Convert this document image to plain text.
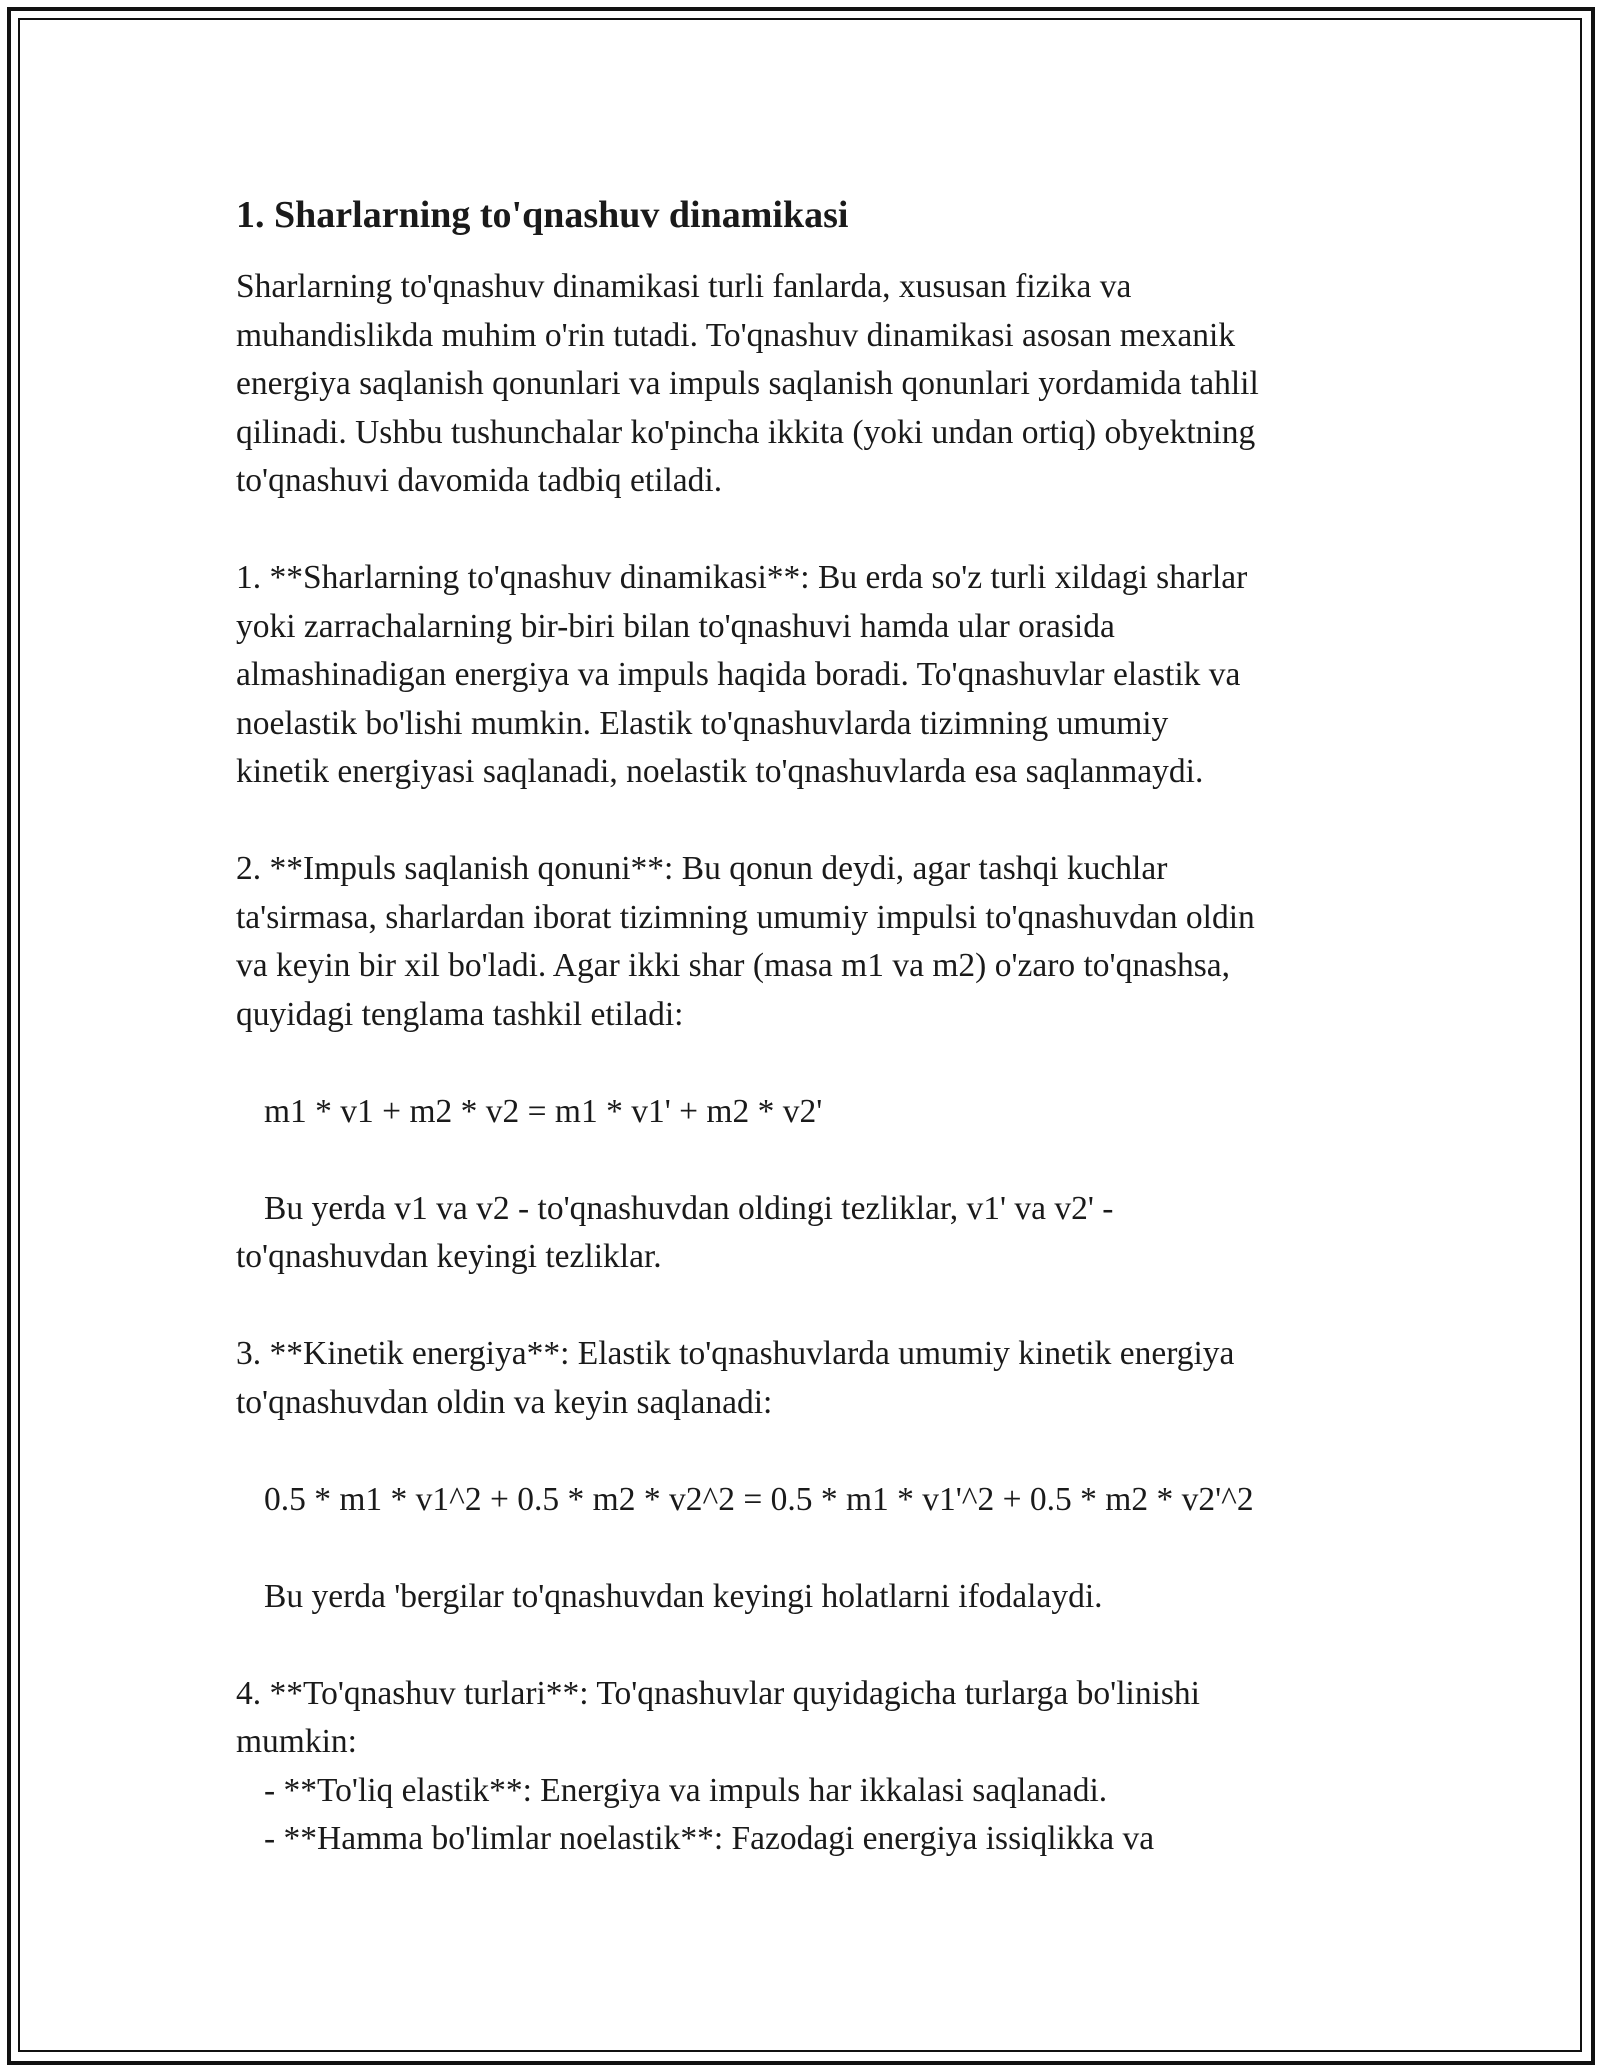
1. Sharlarning to'qnashuv dinamikasi
Sharlarning to'qnashuv dinamikasi turli fanlarda, xususan fizika va
muhandislikda muhim o'rin tutadi. To'qnashuv dinamikasi asosan mexanik
energiya saqlanish qonunlari va impuls saqlanish qonunlari yordamida tahlil
qilinadi. Ushbu tushunchalar ko'pincha ikkita (yoki undan ortiq) obyektning
to'qnashuvi davomida tadbiq etiladi.
1. **Sharlarning to'qnashuv dinamikasi**: Bu erda so'z turli xildagi sharlar
yoki zarrachalarning bir-biri bilan to'qnashuvi hamda ular orasida
almashinadigan energiya va impuls haqida boradi. To'qnashuvlar elastik va
noelastik bo'lishi mumkin. Elastik to'qnashuvlarda tizimning umumiy
kinetik energiyasi saqlanadi, noelastik to'qnashuvlarda esa saqlanmaydi.
2. **Impuls saqlanish qonuni**: Bu qonun deydi, agar tashqi kuchlar
ta'sirmasa, sharlardan iborat tizimning umumiy impulsi to'qnashuvdan oldin
va keyin bir xil bo'ladi. Agar ikki shar (masa m1 va m2) o'zaro to'qnashsa,
quyidagi tenglama tashkil etiladi:
m1 * v1 + m2 * v2 = m1 * v1' + m2 * v2'
Bu yerda v1 va v2 - to'qnashuvdan oldingi tezliklar, v1' va v2' -
to'qnashuvdan keyingi tezliklar.
3. **Kinetik energiya**: Elastik to'qnashuvlarda umumiy kinetik energiya
to'qnashuvdan oldin va keyin saqlanadi:
0.5 * m1 * v1^2 + 0.5 * m2 * v2^2 = 0.5 * m1 * v1'^2 + 0.5 * m2 * v2'^2
Bu yerda 'bergilar to'qnashuvdan keyingi holatlarni ifodalaydi.
4. **To'qnashuv turlari**: To'qnashuvlar quyidagicha turlarga bo'linishi
mumkin:
- **To'liq elastik**: Energiya va impuls har ikkalasi saqlanadi.
- **Hamma bo'limlar noelastik**: Fazodagi energiya issiqlikka va
